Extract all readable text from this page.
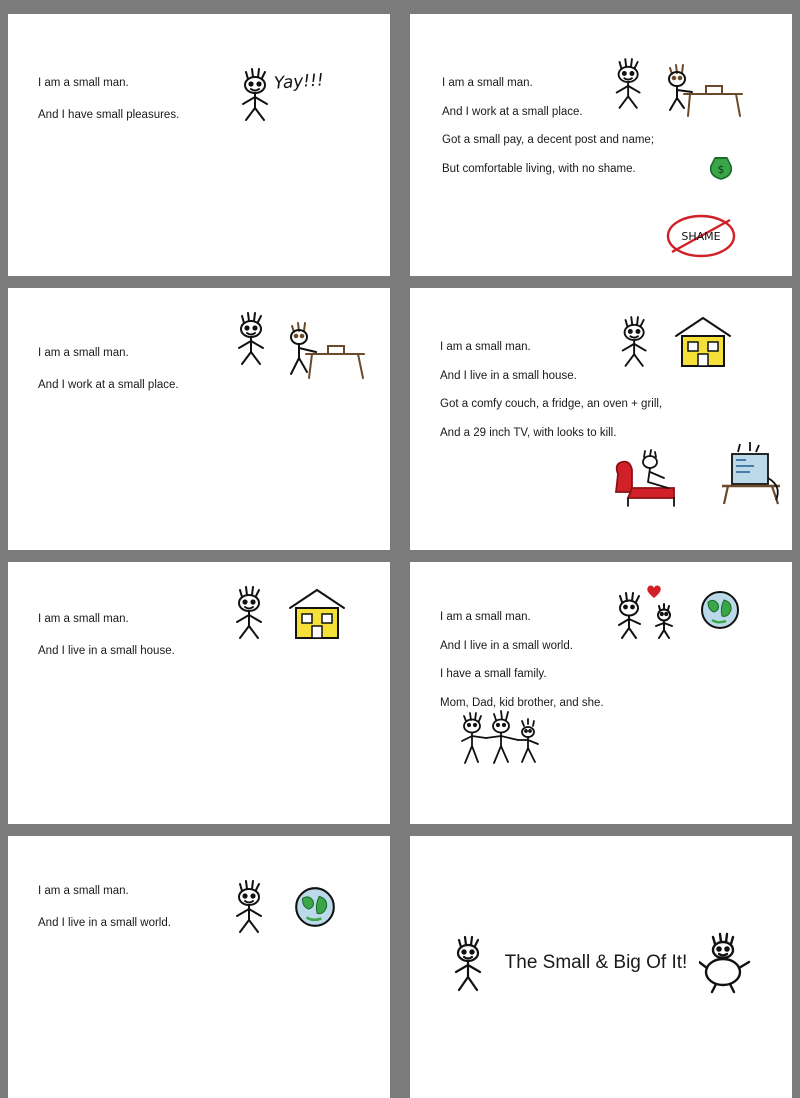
I am a small man.
And I have small pleasures.
Yay!!!	I am a small man.
And I work at a small place.
Got a small pay, a decent post and name;
But comfortable living, with no shame.	$
SHAME
I am a small man.
And I work at a small place.
I am a small man.
And I live in a small house.
Got a comfy couch, a fridge, an oven + grill,
And a 29 inch TV, with looks to kill.
I am a small man.
And I live in a small house.
I am a small man.
And I live in a small world.
I have a small family.
Mom, Dad, kid brother, and she.
I am a small man.
And I live in a small world.
The Small & Big Of It!
